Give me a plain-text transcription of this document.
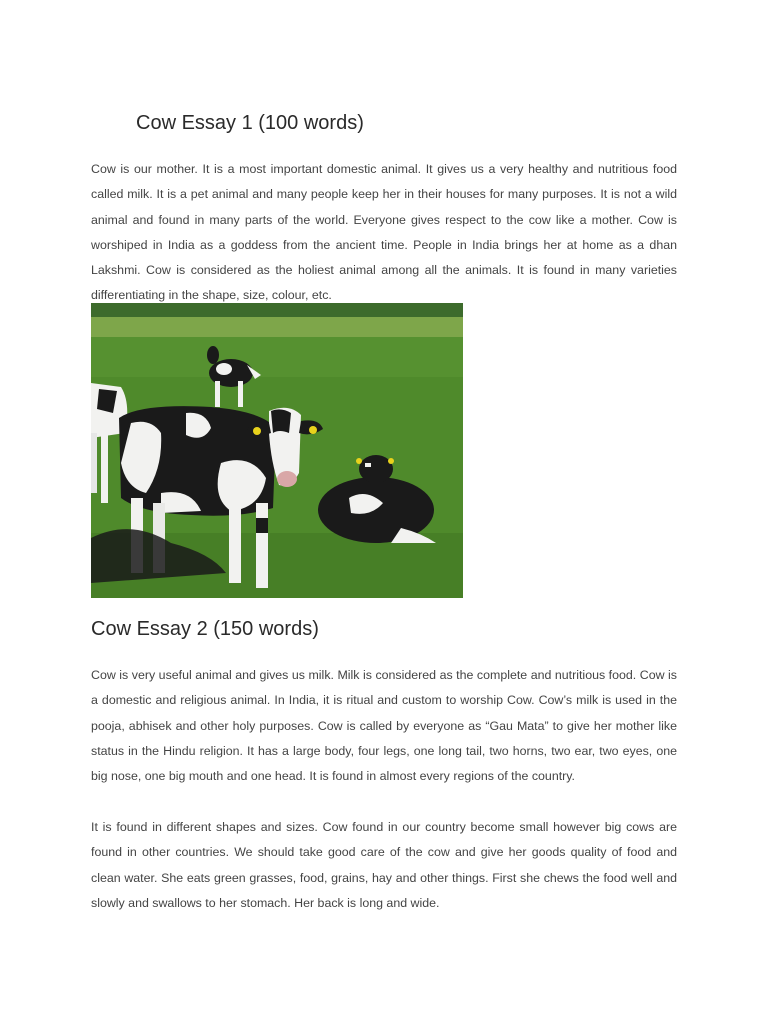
Cow Essay 1 (100 words)

Cow is our mother. It is a most important domestic animal. It gives us a very healthy and nutritious food called milk. It is a pet animal and many people keep her in their houses for many purposes. It is not a wild animal and found in many parts of the world. Everyone gives respect to the cow like a mother. Cow is worshiped in India as a goddess from the ancient time. People in India brings her at home as a dhan Lakshmi. Cow is considered as the holiest animal among all the animals. It is found in many varieties differentiating in the shape, size, colour, etc.

Cow Essay 2 (150 words)

Cow is very useful animal and gives us milk. Milk is considered as the complete and nutritious food. Cow is a domestic and religious animal. In India, it is ritual and custom to worship Cow. Cow’s milk is used in the pooja, abhisek and other holy purposes. Cow is called by everyone as “Gau Mata” to give her mother like status in the Hindu religion. It has a large body, four legs, one long tail, two horns, two ear, two eyes, one big nose, one big mouth and one head. It is found in almost every regions of the country.

It is found in different shapes and sizes. Cow found in our country become small however big cows are found in other countries. We should take good care of the cow and give her goods quality of food and clean water. She eats green grasses, food, grains, hay and other things. First she chews the food well and slowly and swallows to her stomach. Her back is long and wide.
